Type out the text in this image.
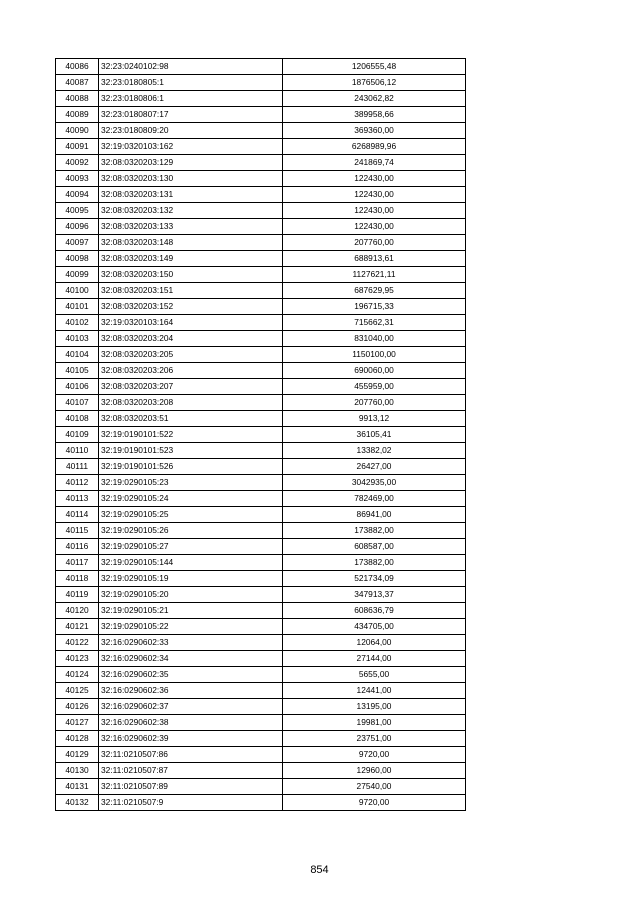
40086	32:23:0240102:98	1206555,48
40087	32:23:0180805:1	1876506,12
40088	32:23:0180806:1	243062,82
40089	32:23:0180807:17	389958,66
40090	32:23:0180809:20	369360,00
40091	32:19:0320103:162	6268989,96
40092	32:08:0320203:129	241869,74
40093	32:08:0320203:130	122430,00
40094	32:08:0320203:131	122430,00
40095	32:08:0320203:132	122430,00
40096	32:08:0320203:133	122430,00
40097	32:08:0320203:148	207760,00
40098	32:08:0320203:149	688913,61
40099	32:08:0320203:150	1127621,11
40100	32:08:0320203:151	687629,95
40101	32:08:0320203:152	196715,33
40102	32:19:0320103:164	715662,31
40103	32:08:0320203:204	831040,00
40104	32:08:0320203:205	1150100,00
40105	32:08:0320203:206	690060,00
40106	32:08:0320203:207	455959,00
40107	32:08:0320203:208	207760,00
40108	32:08:0320203:51	9913,12
40109	32:19:0190101:522	36105,41
40110	32:19:0190101:523	13382,02
40111	32:19:0190101:526	26427,00
40112	32:19:0290105:23	3042935,00
40113	32:19:0290105:24	782469,00
40114	32:19:0290105:25	86941,00
40115	32:19:0290105:26	173882,00
40116	32:19:0290105:27	608587,00
40117	32:19:0290105:144	173882,00
40118	32:19:0290105:19	521734,09
40119	32:19:0290105:20	347913,37
40120	32:19:0290105:21	608636,79
40121	32:19:0290105:22	434705,00
40122	32:16:0290602:33	12064,00
40123	32:16:0290602:34	27144,00
40124	32:16:0290602:35	5655,00
40125	32:16:0290602:36	12441,00
40126	32:16:0290602:37	13195,00
40127	32:16:0290602:38	19981,00
40128	32:16:0290602:39	23751,00
40129	32:11:0210507:86	9720,00
40130	32:11:0210507:87	12960,00
40131	32:11:0210507:89	27540,00
40132	32:11:0210507:9	9720,00
854
